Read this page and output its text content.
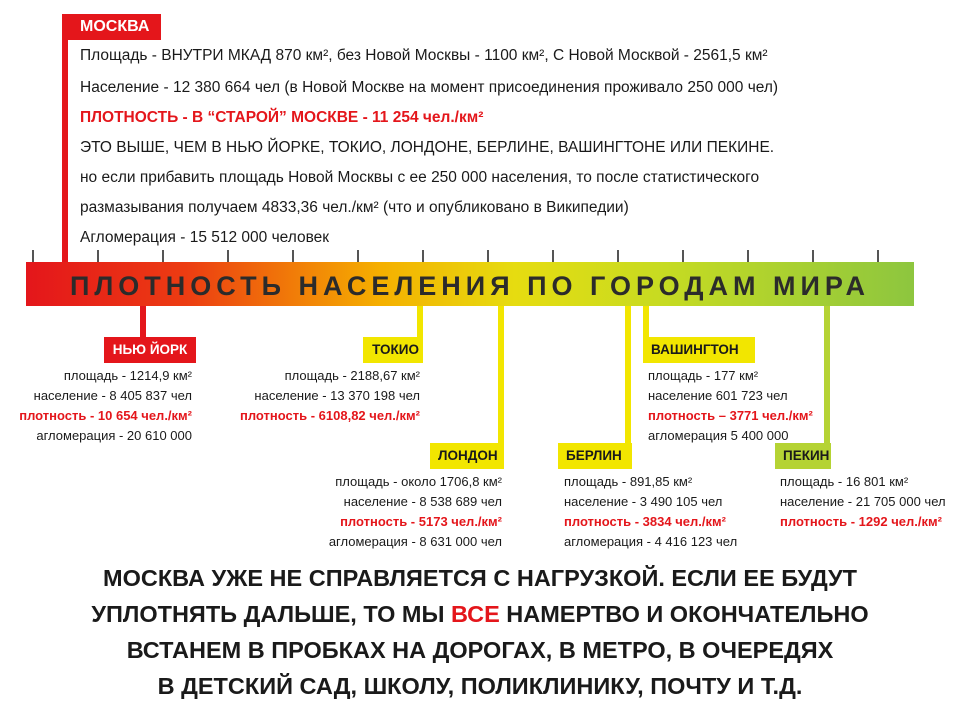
МОСКВА
Площадь - ВНУТРИ МКАД 870 км², без Новой Москвы - 1100 км², С Новой Москвой - 2561,5 км²
Население - 12 380 664 чел (в Новой Москве на момент присоединения проживало 250 000 чел)
ПЛОТНОСТЬ - В “СТАРОЙ” МОСКВЕ - 11 254 чел./км²
ЭТО ВЫШЕ, ЧЕМ В НЬЮ ЙОРКЕ, ТОКИО, ЛОНДОНЕ, БЕРЛИНЕ, ВАШИНГТОНЕ ИЛИ ПЕКИНЕ.
но если прибавить площадь Новой Москвы с ее 250 000 населения, то после статистического
размазывания получаем 4833,36 чел./км² (что и опубликовано в Википедии)
Агломерация - 15 512 000 человек
ПЛОТНОСТЬ НАСЕЛЕНИЯ ПО ГОРОДАМ МИРА
НЬЮ ЙОРК
площадь - 1214,9 км²
население - 8 405 837 чел
плотность - 10 654 чел./км²
агломерация - 20 610 000
ТОКИО
площадь - 2188,67 км²
население - 13 370 198 чел
плотность - 6108,82 чел./км²
ЛОНДОН
площадь - около 1706,8 км²
население - 8 538 689 чел
плотность - 5173 чел./км²
агломерация - 8 631 000 чел
БЕРЛИН
площадь - 891,85 км²
население - 3 490 105 чел
плотность - 3834 чел./км²
агломерация - 4 416 123 чел
ВАШИНГТОН
площадь - 177 км²
население 601 723 чел
плотность – 3771 чел./км²
агломерация 5 400 000
ПЕКИН
площадь - 16 801 км²
население - 21 705 000 чел
плотность - 1292 чел./км²
МОСКВА УЖЕ НЕ СПРАВЛЯЕТСЯ С НАГРУЗКОЙ. ЕСЛИ ЕЕ БУДУТ
УПЛОТНЯТЬ ДАЛЬШЕ, ТО МЫ ВСЕ НАМЕРТВО И ОКОНЧАТЕЛЬНО
ВСТАНЕМ В ПРОБКАХ НА ДОРОГАХ, В МЕТРО, В ОЧЕРЕДЯХ
В ДЕТСКИЙ САД, ШКОЛУ, ПОЛИКЛИНИКУ, ПОЧТУ И Т.Д.
